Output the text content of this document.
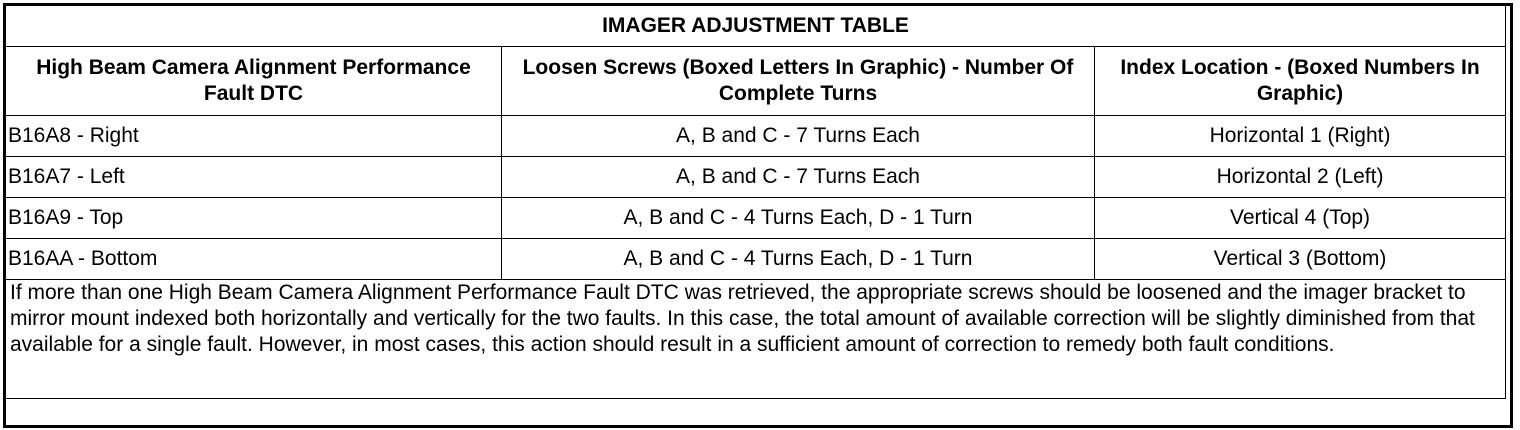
IMAGER ADJUSTMENT TABLE		
High Beam Camera Alignment Performance Fault DTC	Loosen Screws (Boxed Letters In Graphic) - Number Of Complete Turns	Index Location - (Boxed Numbers In Graphic)
B16A8 - Right	A, B and C - 7 Turns Each	Horizontal 1 (Right)
B16A7 - Left	A, B and C - 7 Turns Each	Horizontal 2 (Left)
B16A9 - Top	A, B and C - 4 Turns Each, D - 1 Turn	Vertical 4 (Top)
B16AA - Bottom	A, B and C - 4 Turns Each, D - 1 Turn	Vertical 3 (Bottom)
If more than one High Beam Camera Alignment Performance Fault DTC was retrieved, the appropriate screws should be loosened and the imager bracket to mirror mount indexed both horizontally and vertically for the two faults. In this case, the total amount of available correction will be slightly diminished from that available for a single fault. However, in most cases, this action should result in a sufficient amount of correction to remedy both fault conditions.		
